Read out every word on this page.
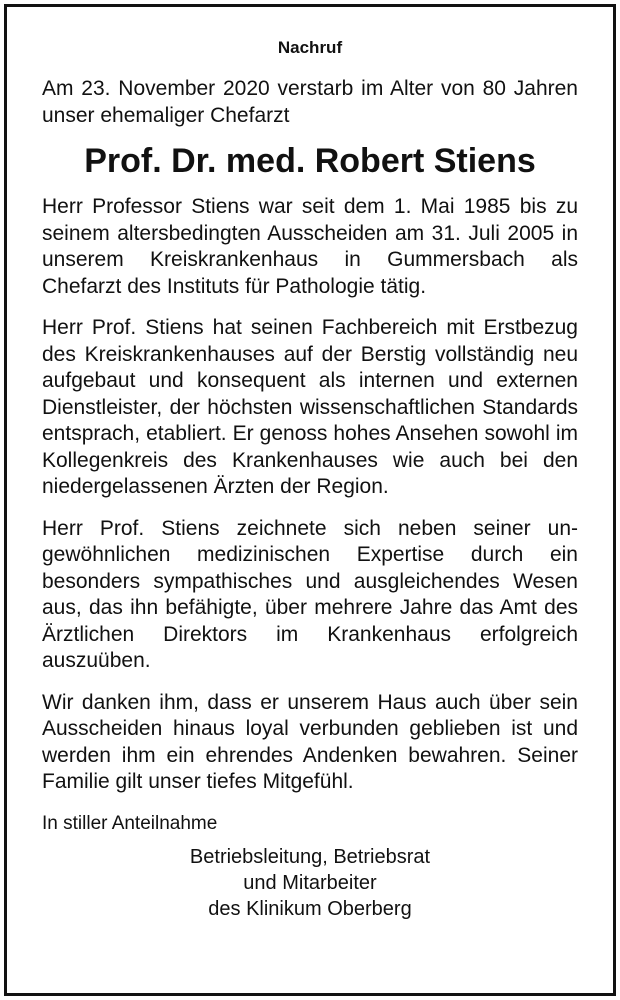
Nachruf

Am 23. November 2020 verstarb im Alter von 80 Jahren unser ehemaliger Chefarzt

Prof. Dr. med. Robert Stiens

Herr Professor Stiens war seit dem 1. Mai 1985 bis zu seinem altersbedingten Ausscheiden am 31. Juli 2005 in unserem Kreiskrankenhaus in Gummersbach als Chefarzt des Instituts für Pathologie tätig.

Herr Prof. Stiens hat seinen Fachbereich mit Erstbezug des Kreiskrankenhauses auf der Berstig vollständig neu aufgebaut und konsequent als internen und externen Dienstleister, der höchsten wissenschaftlichen Standards entsprach, etabliert. Er genoss hohes Ansehen sowohl im Kollegenkreis des Krankenhauses wie auch bei den niedergelassenen Ärzten der Region.

Herr Prof. Stiens zeichnete sich neben seiner ungewöhnlichen medizinischen Expertise durch ein besonders sympathisches und ausgleichendes Wesen aus, das ihn befähigte, über mehrere Jahre das Amt des Ärztlichen Direktors im Krankenhaus erfolgreich auszuüben.

Wir danken ihm, dass er unserem Haus auch über sein Ausscheiden hinaus loyal verbunden geblieben ist und werden ihm ein ehrendes Andenken bewahren. Seiner Familie gilt unser tiefes Mitgefühl.

In stiller Anteilnahme

Betriebsleitung, Betriebsrat
und Mitarbeiter
des Klinikum Oberberg
